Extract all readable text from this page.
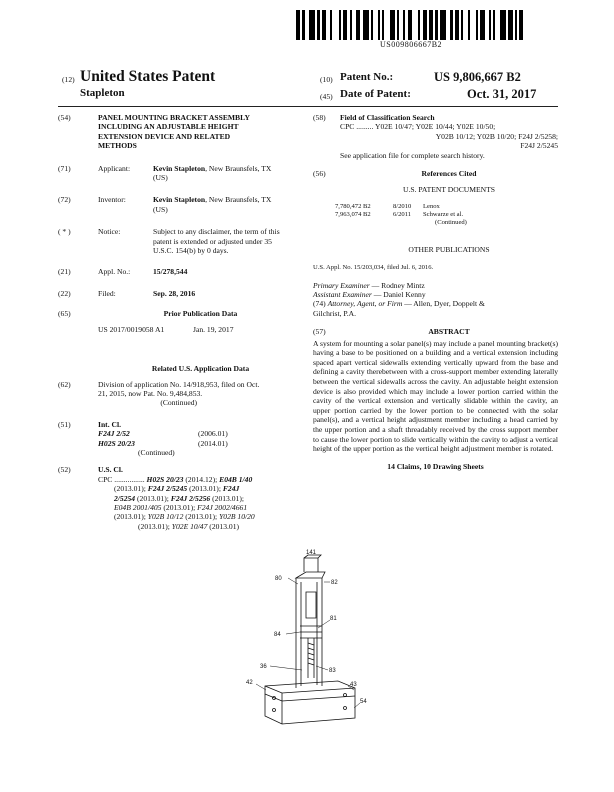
US009806667B2
(12) United States Patent
Stapleton
(10) Patent No.:	US 9,806,667 B2
(45) Date of Patent:	Oct. 31, 2017
(54)	PANEL MOUNTING BRACKET ASSEMBLY
INCLUDING AN ADJUSTABLE HEIGHT
EXTENSION DEVICE AND RELATED
METHODS
(71)	Applicant:	Kevin Stapleton, New Braunsfels, TX
(US)
(72)	Inventor:	Kevin Stapleton, New Braunsfels, TX
(US)
( * )	Notice:	Subject to any disclaimer, the term of this
patent is extended or adjusted under 35
U.S.C. 154(b) by 0 days.
(21)	Appl. No.:	15/278,544
(22)	Filed:	Sep. 28, 2016
(65)	Prior Publication Data
US 2017/0019058 A1	Jan. 19, 2017
Related U.S. Application Data
(62)	Division of application No. 14/918,953, filed on Oct.
21, 2015, now Pat. No. 9,484,853.
(Continued)
(51)	Int. Cl.
F24J 2/52	(2006.01)
H02S 20/23	(2014.01)
(Continued)
(52)	U.S. Cl.
CPC ................ H02S 20/23 (2014.12); E04B 1/40
(2013.01); F24J 2/5245 (2013.01); F24J
2/5254 (2013.01); F24J 2/5256 (2013.01);
E04B 2001/405 (2013.01); F24J 2002/4661
(2013.01); Y02B 10/12 (2013.01); Y02B 10/20
(2013.01); Y02E 10/47 (2013.01)
(58)	Field of Classification Search
CPC ......... Y02E 10/47; Y02E 10/44; Y02E 10/50;
Y02B 10/12; Y02B 10/20; F24J 2/5258;
F24J 2/5245
See application file for complete search history.
(56)	References Cited
U.S. PATENT DOCUMENTS
7,780,472 B2	8/2010	Lenox
7,963,074 B2	6/2011	Schwarze et al.
(Continued)
OTHER PUBLICATIONS
U.S. Appl. No. 15/203,034, filed Jul. 6, 2016.
Primary Examiner — Rodney Mintz
Assistant Examiner — Daniel Kenny
(74) Attorney, Agent, or Firm — Allen, Dyer, Doppelt &
Gilchrist, P.A.
(57)	ABSTRACT
A system for mounting a solar panel(s) may include a panel mounting bracket(s) having a base to be positioned on a building and a vertical extension including spaced apart vertical sidewalls extending vertically upward from the base and defining a cavity therebetween with a cross-support member extending laterally between the vertical sidewalls across the cavity. An adjustable height extension device is also provided which may include a lower portion carried within the cavity of the vertical extension and vertically slidable within the cavity, an upper portion carried by the lower portion to be connected with the solar panel(s), and a vertical height adjustment member including a head carried by the upper portion and a shaft threadably received by the cross support member to cause the lower portion to slide vertically within the cavity to adjust a vertical height of the upper portion as the vertical height adjustment member is rotated.
14 Claims, 10 Drawing Sheets
141
80
82
84
81
36
83
42	43
54
